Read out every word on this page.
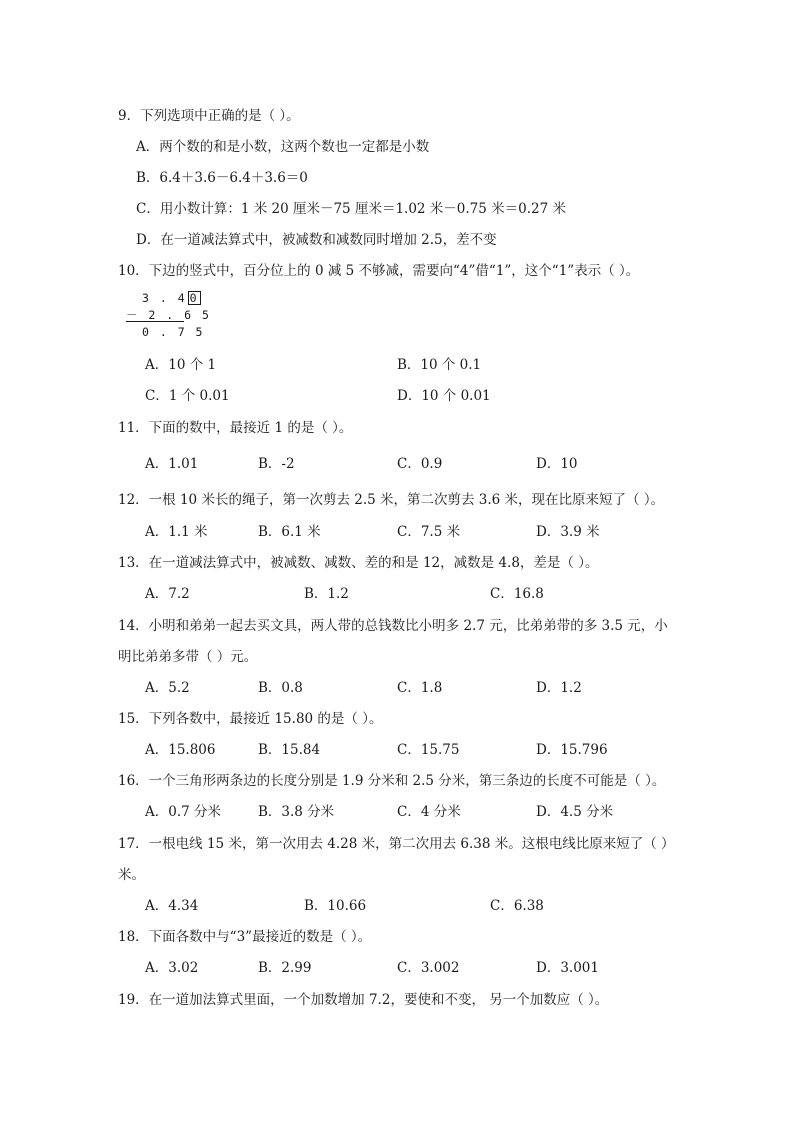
9．下列选项中正确的是（ ）。
A．两个数的和是小数，这两个数也一定都是小数
B．6.4＋3.6－6.4＋3.6＝0
C．用小数计算：1 米 20 厘米－75 厘米＝1.02 米－0.75 米＝0.27 米
D．在一道减法算式中，被减数和减数同时增加 2.5，差不变
10．下边的竖式中，百分位上的 0 减 5 不够减，需要向“4”借“1”，这个“1”表示（ ）。
3 . 4 0
－ 2 . 6 5
0 . 7 5
A．10 个 1	B．10 个 0.1
C．1 个 0.01	D．10 个 0.01
11．下面的数中，最接近 1 的是（ ）。
A．1.01	B．-2	C．0.9	D．10
12．一根 10 米长的绳子，第一次剪去 2.5 米，第二次剪去 3.6 米，现在比原来短了（ ）。
A．1.1 米	B．6.1 米	C．7.5 米	D．3.9 米
13．在一道减法算式中，被减数、减数、差的和是 12，减数是 4.8，差是（ ）。
A．7.2	B．1.2	C．16.8
14．小明和弟弟一起去买文具，两人带的总钱数比小明多 2.7 元，比弟弟带的多 3.5 元，小
明比弟弟多带（ ）元。
A．5.2	B．0.8	C．1.8	D．1.2
15．下列各数中，最接近 15.80 的是（ ）。
A．15.806	B．15.84	C．15.75	D．15.796
16．一个三角形两条边的长度分别是 1.9 分米和 2.5 分米，第三条边的长度不可能是（ ）。
A．0.7 分米	B．3.8 分米	C．4 分米	D．4.5 分米
17．一根电线 15 米，第一次用去 4.28 米，第二次用去 6.38 米。这根电线比原来短了（ ）
米。
A．4.34	B．10.66	C．6.38
18．下面各数中与“3”最接近的数是（ ）。
A．3.02	B．2.99	C．3.002	D．3.001
19．在一道加法算式里面，一个加数增加 7.2，要使和不变， 另一个加数应（ ）。
